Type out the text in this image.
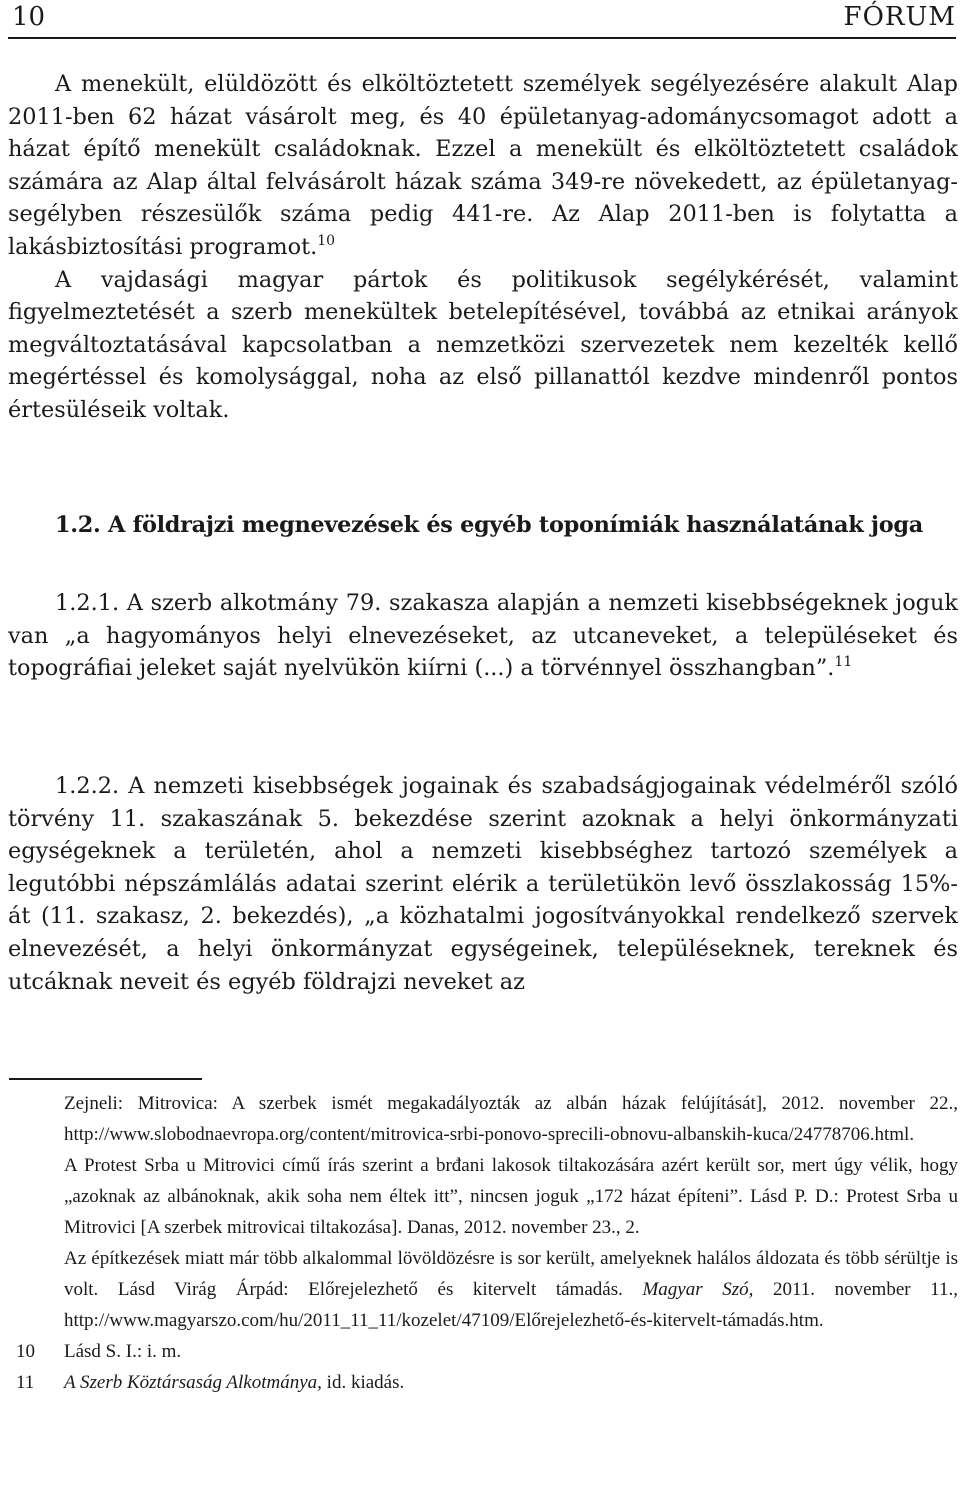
10	FÓRUM
A menekült, elüldözött és elköltöztetett személyek segélyezésére alakult Alap 2011-ben 62 házat vásárolt meg, és 40 épületanyag-adománycsomagot adott a házat építő menekült családoknak. Ezzel a menekült és elköltöztetett családok számára az Alap által felvásárolt házak száma 349-re növekedett, az épületanyag-segélyben részesülők száma pedig 441-re. Az Alap 2011-ben is folytatta a lakásbiztosítási programot.$^{10}$
A vajdasági magyar pártok és politikusok segélykérését, valamint figyelmeztetését a szerb menekültek betelepítésével, továbbá az etnikai arányok megváltoztatásával kapcsolatban a nemzetközi szervezetek nem kezelték kellő megértéssel és komolysággal, noha az első pillanattól kezdve mindenről pontos értesüléseik voltak.
1.2. A földrajzi megnevezések és egyéb toponímiák használatának joga
1.2.1. A szerb alkotmány 79. szakasza alapján a nemzeti kisebbségeknek joguk van „a hagyományos helyi elnevezéseket, az utcaneveket, a településeket és topográfiai jeleket saját nyelvükön kiírni (...) a törvénnyel összhangban”.$^{11}$
1.2.2. A nemzeti kisebbségek jogainak és szabadságjogainak védelméről szóló törvény 11. szakaszának 5. bekezdése szerint azoknak a helyi önkormányzati egységeknek a területén, ahol a nemzeti kisebbséghez tartozó személyek a legutóbbi népszámlálás adatai szerint elérik a területükön levő összlakosság 15%-át (11. szakasz, 2. bekezdés), „a közhatalmi jogosítványokkal rendelkező szervek elnevezését, a helyi önkormányzat egységeinek, településeknek, tereknek és utcáknak neveit és egyéb földrajzi neveket az
Zejneli: Mitrovica: A szerbek ismét megakadályozták az albán házak felújítását], 2012. november 22., http://www.slobodnaevropa.org/content/mitrovica-srbi-ponovo-sprecili-obnovu-albanskih-kuca/24778706.html.
A Protest Srba u Mitrovici című írás szerint a brđani lakosok tiltakozására azért került sor, mert úgy vélik, hogy „azoknak az albánoknak, akik soha nem éltek itt”, nincsen joguk „172 házat építeni”. Lásd P. D.: Protest Srba u Mitrovici [A szerbek mitrovicai tiltakozása]. Danas, 2012. november 23., 2.
Az építkezések miatt már több alkalommal lövöldözésre is sor került, amelyeknek halálos áldozata és több sérültje is volt. Lásd Virág Árpád: Előrejelezhető és kitervelt támadás. Magyar Szó, 2011. november 11., http://www.magyarszo.com/hu/2011_11_11/kozelet/47109/Előrejelezhető-és-kitervelt-támadás.htm.
10 Lásd S. I.: i. m.
11 A Szerb Köztársaság Alkotmánya, id. kiadás.
